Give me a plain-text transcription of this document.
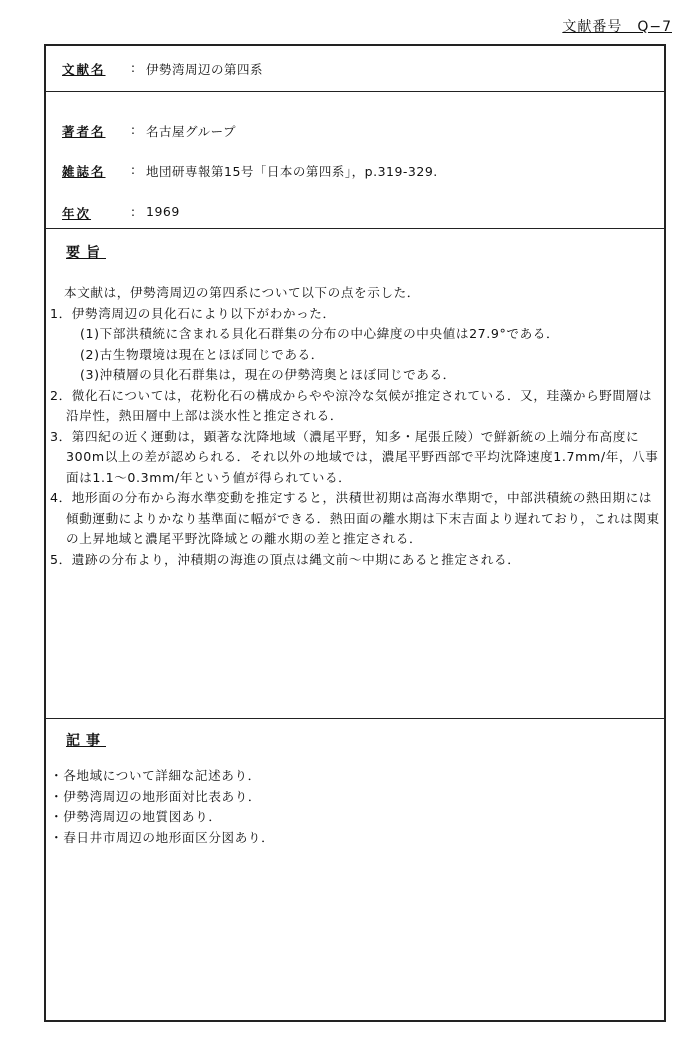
文献番号　Q−7
文献名	: 伊勢湾周辺の第四系
著者名	: 名古屋グループ
雑誌名	: 地団研専報第15号「日本の第四系」，p.319-329.
年次	: 1969
要旨

本文献は，伊勢湾周辺の第四系について以下の点を示した．

1．伊勢湾周辺の貝化石により以下がわかった．

(1)下部洪積統に含まれる貝化石群集の分布の中心緯度の中央値は27.9°である．

(2)古生物環境は現在とほぼ同じである．

(3)沖積層の貝化石群集は，現在の伊勢湾奥とほぼ同じである．

2．微化石については，花粉化石の構成からやや涼冷な気候が推定されている．又，珪藻から野間層は沿岸性，熱田層中上部は淡水性と推定される．

3．第四紀の近く運動は，顕著な沈降地域（濃尾平野，知多・尾張丘陵）で鮮新統の上端分布高度に300m以上の差が認められる．それ以外の地域では，濃尾平野西部で平均沈降速度1.7mm/年，八事面は1.1〜0.3mm/年という値が得られている．

4．地形面の分布から海水準変動を推定すると，洪積世初期は高海水準期で，中部洪積統の熱田期には傾動運動によりかなり基準面に幅ができる．熱田面の離水期は下末吉面より遅れており，これは関東の上昇地域と濃尾平野沈降域との離水期の差と推定される．

5．遺跡の分布より，沖積期の海進の頂点は縄文前〜中期にあると推定される．

記事

・各地域について詳細な記述あり．

・伊勢湾周辺の地形面対比表あり．

・伊勢湾周辺の地質図あり．

・春日井市周辺の地形面区分図あり．
